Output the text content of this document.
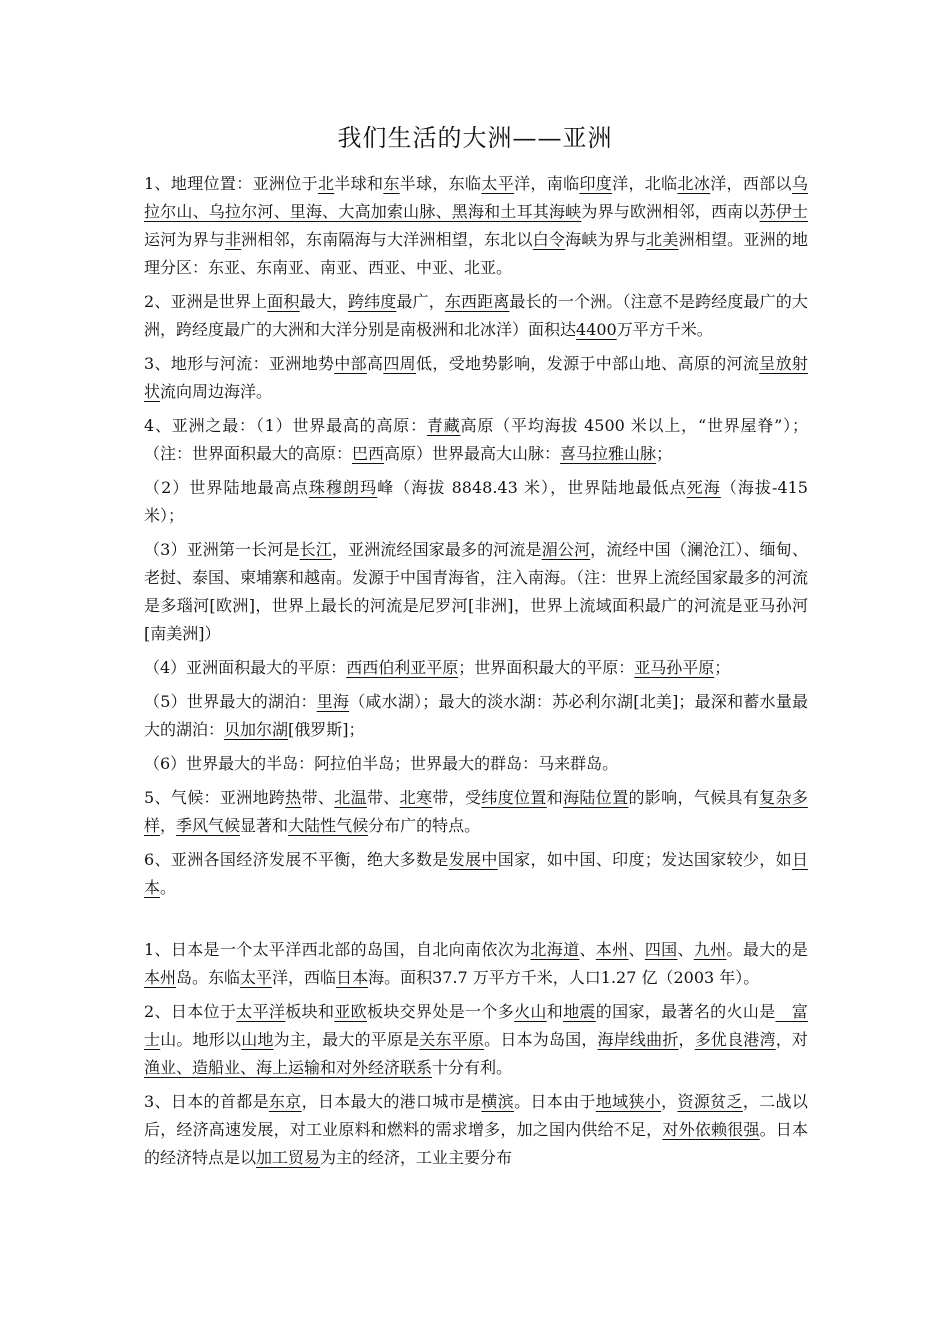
我们生活的大洲——亚洲

1、地理位置：亚洲位于北半球和东半球，东临太平洋，南临印度洋，北临北冰洋，西部以乌拉尔山、乌拉尔河、里海、大高加索山脉、黑海和土耳其海峡为界与欧洲相邻，西南以苏伊士运河为界与非洲相邻，东南隔海与大洋洲相望，东北以白令海峡为界与北美洲相望。亚洲的地理分区：东亚、东南亚、南亚、西亚、中亚、北亚。

2、亚洲是世界上面积最大，跨纬度最广，东西距离最长的一个洲。（注意不是跨经度最广的大洲，跨经度最广的大洲和大洋分别是南极洲和北冰洋）面积达4400万平方千米。

3、地形与河流：亚洲地势中部高四周低，受地势影响，发源于中部山地、高原的河流呈放射状流向周边海洋。

4、亚洲之最：（1）世界最高的高原：青藏高原（平均海拔 4500 米以上，“世界屋脊”）；（注：世界面积最大的高原：巴西高原）世界最高大山脉：喜马拉雅山脉；

（2）世界陆地最高点珠穆朗玛峰（海拔 8848.43 米），世界陆地最低点死海（海拔-415 米）；

（3）亚洲第一长河是长江，亚洲流经国家最多的河流是湄公河，流经中国（澜沧江）、缅甸、老挝、泰国、柬埔寨和越南。发源于中国青海省，注入南海。（注：世界上流经国家最多的河流是多瑙河[欧洲]，世界上最长的河流是尼罗河[非洲]，世界上流域面积最广的河流是亚马孙河[南美洲]）

（4）亚洲面积最大的平原：西西伯利亚平原；世界面积最大的平原：亚马孙平原；

（5）世界最大的湖泊：里海（咸水湖）；最大的淡水湖：苏必利尔湖[北美]；最深和蓄水量最大的湖泊：贝加尔湖[俄罗斯]；

（6）世界最大的半岛：阿拉伯半岛；世界最大的群岛：马来群岛。

5、气候：亚洲地跨热带、北温带、北寒带，受纬度位置和海陆位置的影响，气候具有复杂多样，季风气候显著和大陆性气候分布广的特点。

6、亚洲各国经济发展不平衡，绝大多数是发展中国家，如中国、印度；发达国家较少，如日本。

1、日本是一个太平洋西北部的岛国，自北向南依次为北海道、本州、四国、九州。最大的是本州岛。东临太平洋，西临日本海。面积37.7 万平方千米，人口1.27 亿（2003 年）。

2、日本位于太平洋板块和亚欧板块交界处是一个多火山和地震的国家，最著名的火山是　富士山。地形以山地为主，最大的平原是关东平原。日本为岛国，海岸线曲折，多优良港湾，对渔业、造船业、海上运输和对外经济联系十分有利。

3、日本的首都是东京，日本最大的港口城市是横滨。日本由于地域狭小，资源贫乏，二战以后，经济高速发展，对工业原料和燃料的需求增多，加之国内供给不足，对外依赖很强。日本的经济特点是以加工贸易为主的经济，工业主要分布
